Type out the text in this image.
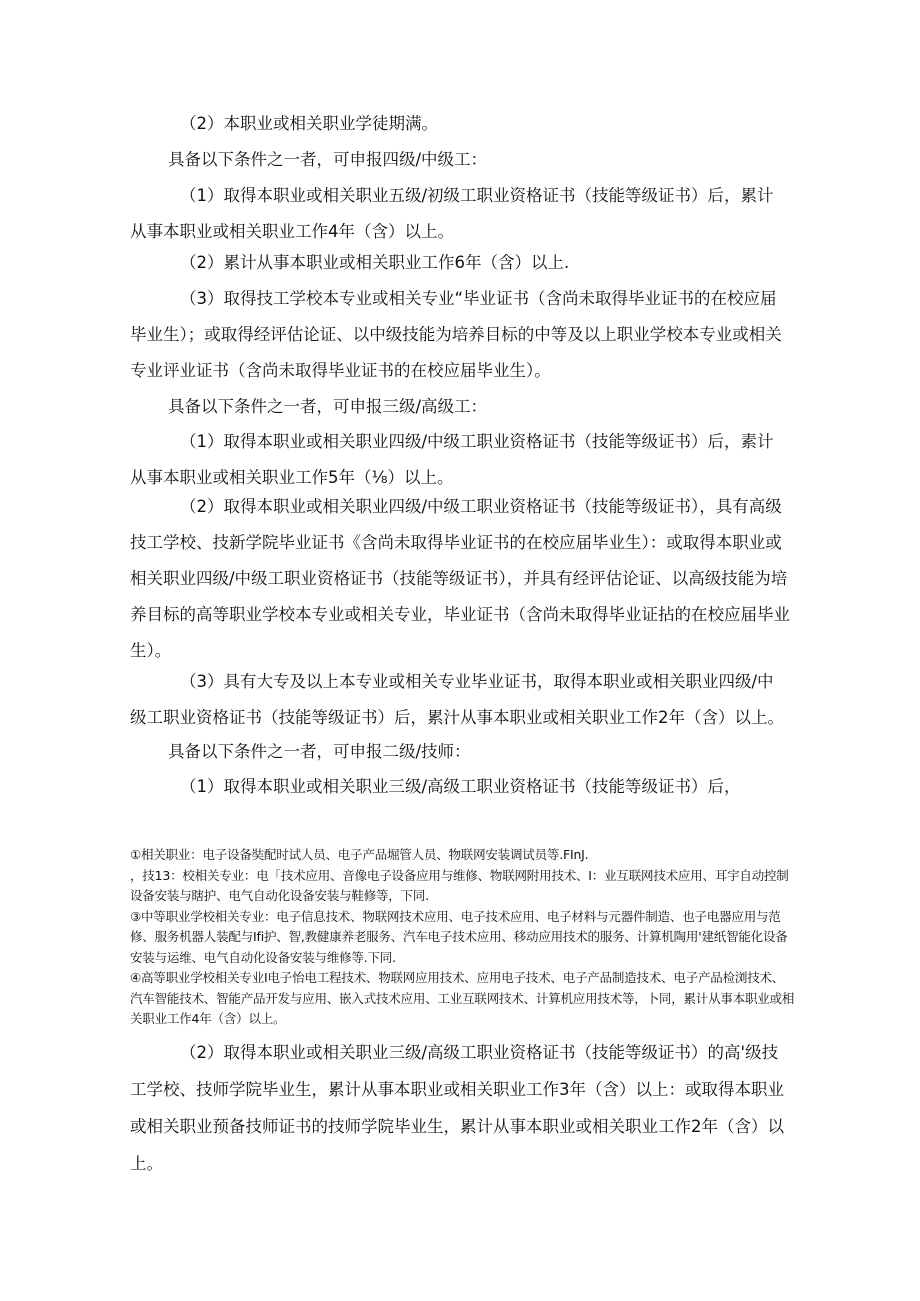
（2）本职业或相关职业学徒期满。

具备以下条件之一者，可申报四级/中级工：

（1）取得本职业或相关职业五级/初级工职业资格证书（技能等级证书）后，累计从事本职业或相关职业工作4年（含）以上。

（2）累计从事本职业或相关职业工作6年（含）以上.

（3）取得技工学校本专业或相关专业“毕业证书（含尚未取得毕业证书的在校应届毕业生）；或取得经评估论证、以中级技能为培养目标的中等及以上职业学校本专业或相关专业评业证书（含尚未取得毕业证书的在校应届毕业生）。

具备以下条件之一者，可申报三级/高级工：

（1）取得本职业或相关职业四级/中级工职业资格证书（技能等级证书）后，素计从事本职业或相关职业工作5年（⅛）以上。

（2）取得本职业或相关职业四级/中级工职业资格证书（技能等级证书），具有高级技工学校、技新学院毕业证书《含尚未取得毕业证书的在校应届毕业生）：或取得本职业或相关职业四级/中级工职业资格证书（技能等级证书），并具有经评估论证、以高级技能为培养目标的高等职业学校本专业或相关专业，毕业证书（含尚未取得毕业证拈的在校应届毕业生）。

（3）具有大专及以上本专业或相关专业毕业证书，取得本职业或相关职业四级/中级工职业资格证书（技能等级证书）后，累汁从事本职业或相关职业工作2年（含）以上。

具备以下条件之一者，可申报二级/技师：

（1）取得本职业或相关职业三级/高级工职业资格证书（技能等级证书）后，

①相关职业：电子设备奘配时试人员、电子产品堀管人员、物联网安装调试员等.FInJ.

，技13：校相关专业：电「技术应用、音像电子设备应用与维修、物联网附用技术、I：业互联网技术应用、耳宇自动控制设备安装与瞎护、电气自动化设备安装与鞋修等，下同.

③中等职业学校相关专业：电子信息技术、物联网技术应用、电子技术应用、电子材料与元器件制造、也子电器应用与范修、服务机器人装配与Ifi护、智,教健康养老服务、汽车电子技术应用、移动应用技术的服务、计算机陶用'建纸智能化设备安装与运维、电气自动化设备安装与维修等.下同.

④高等职业学校相关专业I电子怡电工程技术、物联网应用技术、应用电子技术、电子产品制造技术、电子产品检浏技术、汽车智能技术、智能产品开发与应用、嵌入式技术应用、工业互联网技术、计算机应用技术等，卜同，累计从事本职业或相关职业工作4年（含）以上。

（2）取得本职业或相关职业三级/高级工职业资格证书（技能等级证书）的高'级技工学校、技师学院毕业生，累计从事本职业或相关职业工作3年（含）以上：或取得本职业或相关职业预备技师证书的技师学院毕业生，累计从事本职业或相关职业工作2年（含）以上。
